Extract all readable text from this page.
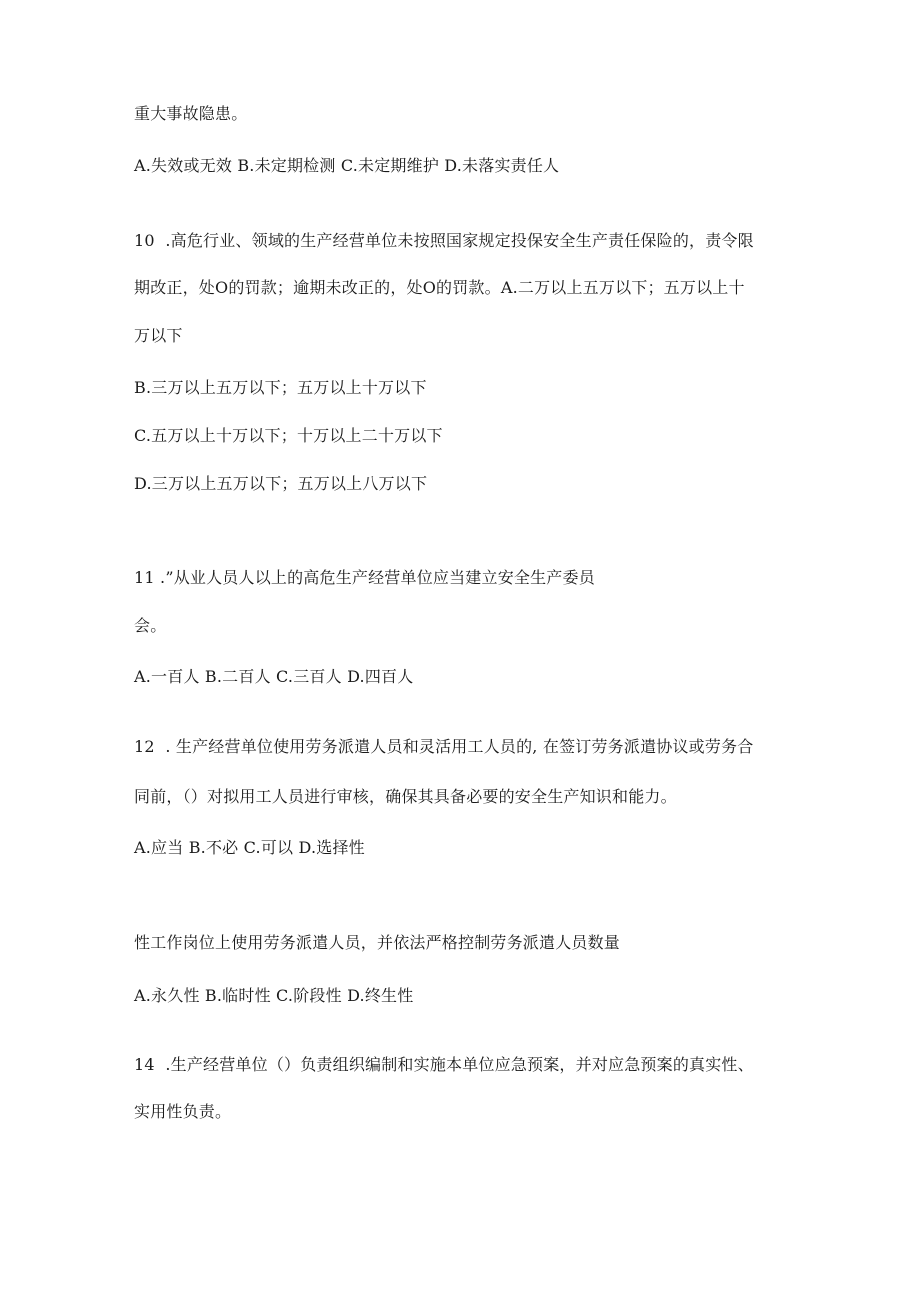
重大事故隐患。
A.失效或无效 B.未定期检测 C.未定期维护 D.未落实责任人
10  .高危行业、领域的生产经营单位未按照国家规定投保安全生产责任保险的，责令限
期改正，处O的罚款；逾期未改正的，处O的罚款。A.二万以上五万以下；五万以上十
万以下
B.三万以上五万以下；五万以上十万以下
C.五万以上十万以下；十万以上二十万以下
D.三万以上五万以下；五万以上八万以下
11 .”从业人员人以上的高危生产经营单位应当建立安全生产委员
会。
A.一百人 B.二百人 C.三百人 D.四百人
12  . 生产经营单位使用劳务派遣人员和灵活用工人员的, 在签订劳务派遣协议或劳务合
同前，（）对拟用工人员进行审核，确保其具备必要的安全生产知识和能力。
A.应当 B.不必 C.可以 D.选择性
性工作岗位上使用劳务派遣人员，并依法严格控制劳务派遣人员数量
A.永久性 B.临时性 C.阶段性 D.终生性
14  .生产经营单位（）负责组织编制和实施本单位应急预案，并对应急预案的真实性、
实用性负责。
